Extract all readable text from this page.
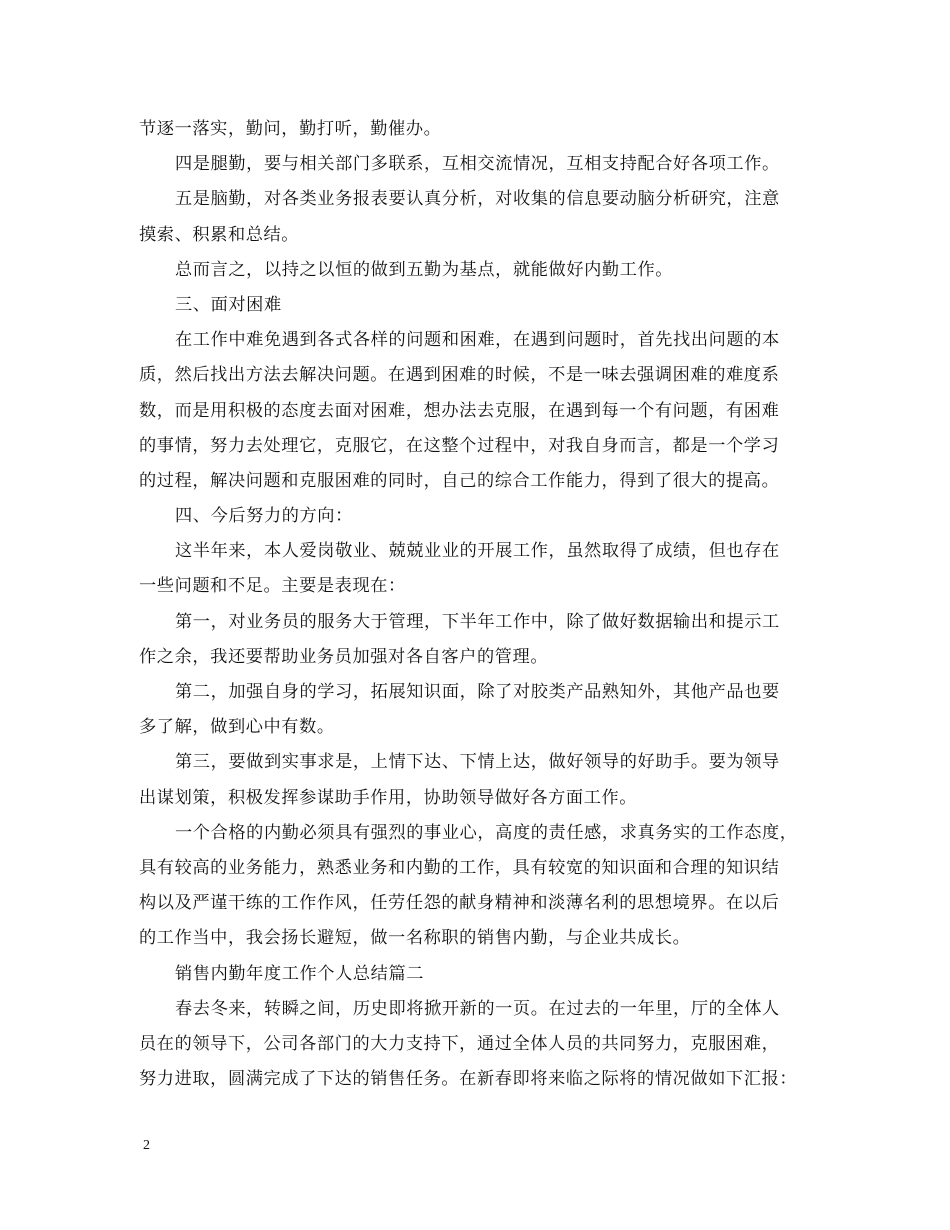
节逐一落实，勤问，勤打听，勤催办。
四是腿勤，要与相关部门多联系，互相交流情况，互相支持配合好各项工作。
五是脑勤，对各类业务报表要认真分析，对收集的信息要动脑分析研究，注意
摸索、积累和总结。
总而言之，以持之以恒的做到五勤为基点，就能做好内勤工作。
三、面对困难
在工作中难免遇到各式各样的问题和困难，在遇到问题时，首先找出问题的本
质，然后找出方法去解决问题。在遇到困难的时候，不是一味去强调困难的难度系
数，而是用积极的态度去面对困难，想办法去克服，在遇到每一个有问题，有困难
的事情，努力去处理它，克服它，在这整个过程中，对我自身而言，都是一个学习
的过程，解决问题和克服困难的同时，自己的综合工作能力，得到了很大的提高。
四、今后努力的方向：
这半年来，本人爱岗敬业、兢兢业业的开展工作，虽然取得了成绩，但也存在
一些问题和不足。主要是表现在：
第一，对业务员的服务大于管理，下半年工作中，除了做好数据输出和提示工
作之余，我还要帮助业务员加强对各自客户的管理。
第二，加强自身的学习，拓展知识面，除了对胶类产品熟知外，其他产品也要
多了解，做到心中有数。
第三，要做到实事求是，上情下达、下情上达，做好领导的好助手。要为领导
出谋划策，积极发挥参谋助手作用，协助领导做好各方面工作。
一个合格的内勤必须具有强烈的事业心，高度的责任感，求真务实的工作态度，
具有较高的业务能力，熟悉业务和内勤的工作，具有较宽的知识面和合理的知识结
构以及严谨干练的工作作风，任劳任怨的献身精神和淡薄名利的思想境界。在以后
的工作当中，我会扬长避短，做一名称职的销售内勤，与企业共成长。
销售内勤年度工作个人总结篇二
春去冬来，转瞬之间，历史即将掀开新的一页。在过去的一年里，厅的全体人
员在的领导下，公司各部门的大力支持下，通过全体人员的共同努力，克服困难，
努力进取，圆满完成了下达的销售任务。在新春即将来临之际将的情况做如下汇报：
2
